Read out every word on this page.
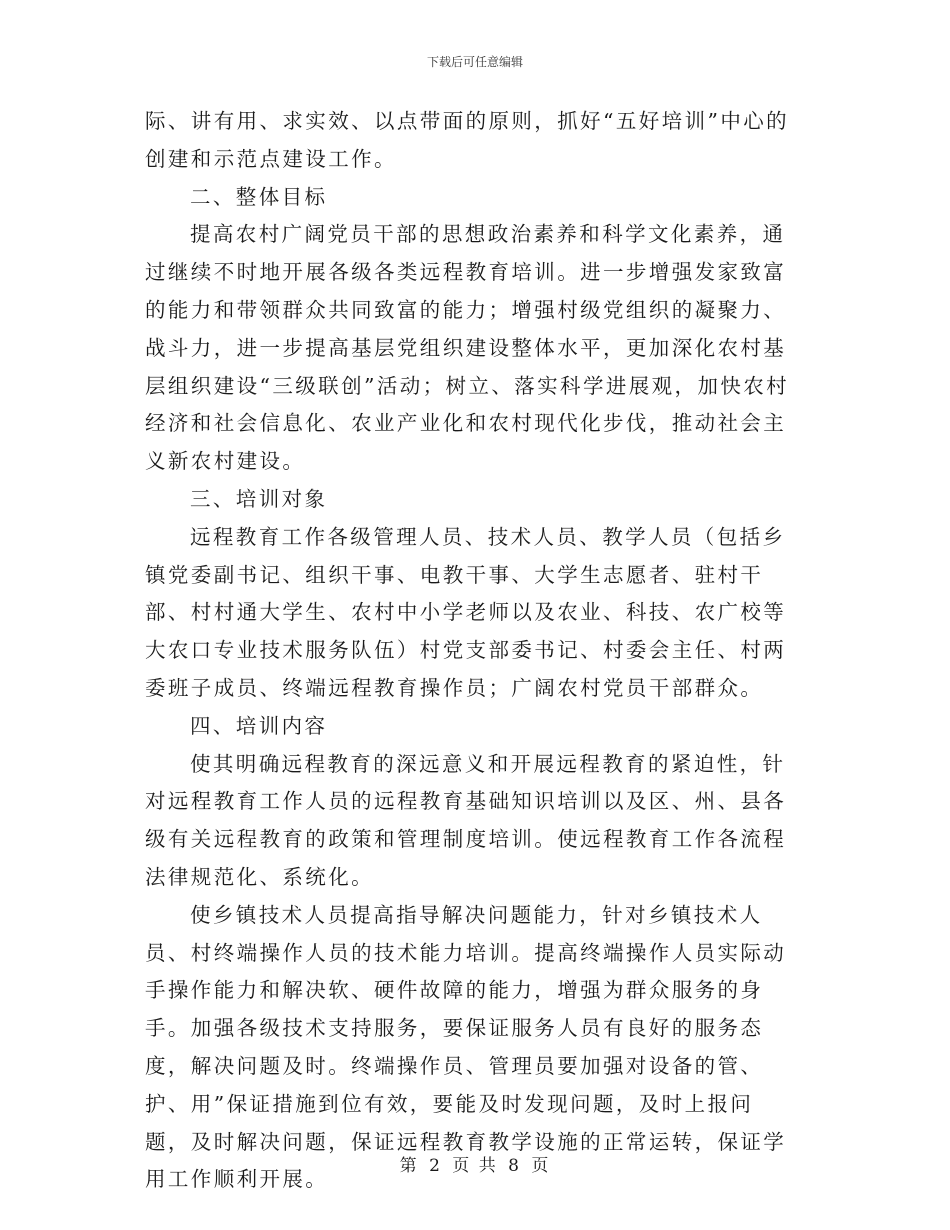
下载后可任意编辑

际、讲有用、求实效、以点带面的原则，抓好“五好培训”中心的创建和示范点建设工作。

二、整体目标

提高农村广阔党员干部的思想政治素养和科学文化素养，通过继续不时地开展各级各类远程教育培训。进一步增强发家致富的能力和带领群众共同致富的能力；增强村级党组织的凝聚力、战斗力，进一步提高基层党组织建设整体水平，更加深化农村基层组织建设“三级联创”活动；树立、落实科学进展观，加快农村经济和社会信息化、农业产业化和农村现代化步伐，推动社会主义新农村建设。

三、培训对象

远程教育工作各级管理人员、技术人员、教学人员（包括乡镇党委副书记、组织干事、电教干事、大学生志愿者、驻村干部、村村通大学生、农村中小学老师以及农业、科技、农广校等大农口专业技术服务队伍）村党支部委书记、村委会主任、村两委班子成员、终端远程教育操作员；广阔农村党员干部群众。

四、培训内容

使其明确远程教育的深远意义和开展远程教育的紧迫性，针对远程教育工作人员的远程教育基础知识培训以及区、州、县各级有关远程教育的政策和管理制度培训。使远程教育工作各流程法律规范化、系统化。

使乡镇技术人员提高指导解决问题能力，针对乡镇技术人员、村终端操作人员的技术能力培训。提高终端操作人员实际动手操作能力和解决软、硬件故障的能力，增强为群众服务的身手。加强各级技术支持服务，要保证服务人员有良好的服务态度，解决问题及时。终端操作员、管理员要加强对设备的管、护、用”保证措施到位有效，要能及时发现问题，及时上报问题，及时解决问题，保证远程教育教学设施的正常运转，保证学用工作顺利开展。

第 2 页 共 8 页
